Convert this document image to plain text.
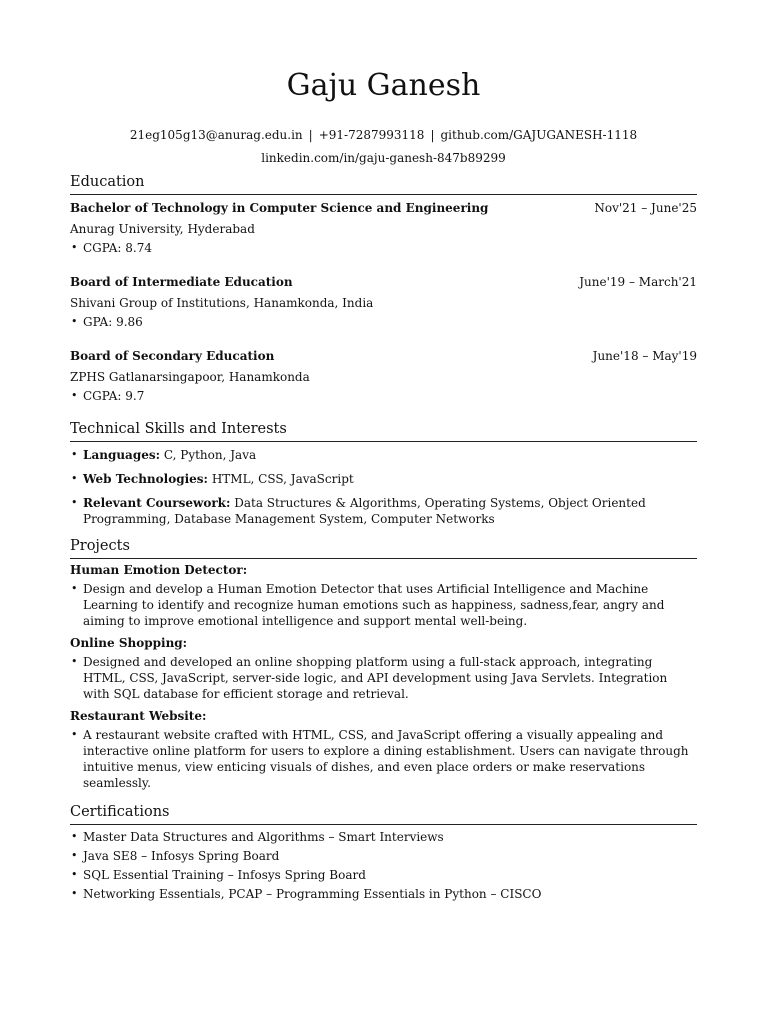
Gaju Ganesh
21eg105g13@anurag.edu.in | +91-7287993118 | github.com/GAJUGANESH-1118
linkedin.com/in/gaju-ganesh-847b89299
Education
Bachelor of Technology in Computer Science and Engineering	Nov'21 – June'25
Anurag University, Hyderabad
• CGPA: 8.74
Board of Intermediate Education	June'19 – March'21
Shivani Group of Institutions, Hanamkonda, India
• GPA: 9.86
Board of Secondary Education	June'18 – May'19
ZPHS Gatlanarsingapoor, Hanamkonda
• CGPA: 9.7
Technical Skills and Interests
• Languages: C, Python, Java
• Web Technologies: HTML, CSS, JavaScript
• Relevant Coursework: Data Structures & Algorithms, Operating Systems, Object Oriented Programming, Database Management System, Computer Networks
Projects
Human Emotion Detector:
• Design and develop a Human Emotion Detector that uses Artificial Intelligence and Machine Learning to identify and recognize human emotions such as happiness, sadness,fear, angry and aiming to improve emotional intelligence and support mental well-being.
Online Shopping:
• Designed and developed an online shopping platform using a full-stack approach, integrating HTML, CSS, JavaScript, server-side logic, and API development using Java Servlets. Integration with SQL database for efficient storage and retrieval.
Restaurant Website:
• A restaurant website crafted with HTML, CSS, and JavaScript offering a visually appealing and interactive online platform for users to explore a dining establishment. Users can navigate through intuitive menus, view enticing visuals of dishes, and even place orders or make reservations seamlessly.
Certifications
• Master Data Structures and Algorithms – Smart Interviews
• Java SE8 – Infosys Spring Board
• SQL Essential Training – Infosys Spring Board
• Networking Essentials, PCAP – Programming Essentials in Python – CISCO
